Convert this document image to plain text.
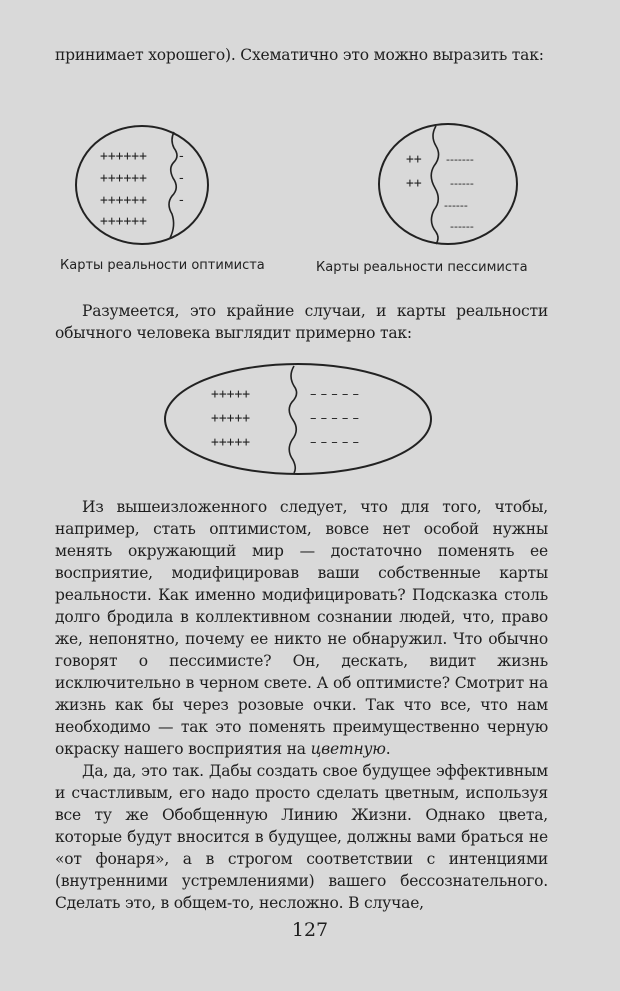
принимает хорошего). Схематично это можно выразить так:

++++++
++++++
++++++
++++++
-
-
-
Карты реальности оптимиста
++
++
-------
------
------
------
Карты реальности пессимиста

Разумеется, это крайние случаи, и карты реальности обычного человека выглядит примерно так:

+++++
+++++
+++++
– – – – –
– – – – –
– – – – –

Из вышеизложенного следует, что для того, чтобы, например, стать оптимистом, вовсе нет особой нужны менять окружающий мир — достаточно поменять ее восприятие, модифицировав ваши собственные карты реальности. Как именно модифицировать? Подсказка столь долго бродила в коллективном сознании людей, что, право же, непонятно, почему ее никто не обнаружил. Что обычно говорят о пессимисте? Он, дескать, видит жизнь исключительно в черном свете. А об оптимисте? Смотрит на жизнь как бы через розовые очки. Так что все, что нам необходимо — так это поменять преимущественно черную окраску нашего восприятия на цветную.

Да, да, это так. Дабы создать свое будущее эффективным и счастливым, его надо просто сделать цветным, используя все ту же Обобщенную Линию Жизни. Однако цвета, которые будут вносится в будущее, должны вами браться не «от фонаря», а в строгом соответствии с интенциями (внутренними устремлениями) вашего бессознательного. Сделать это, в общем-то, несложно. В случае,

127
